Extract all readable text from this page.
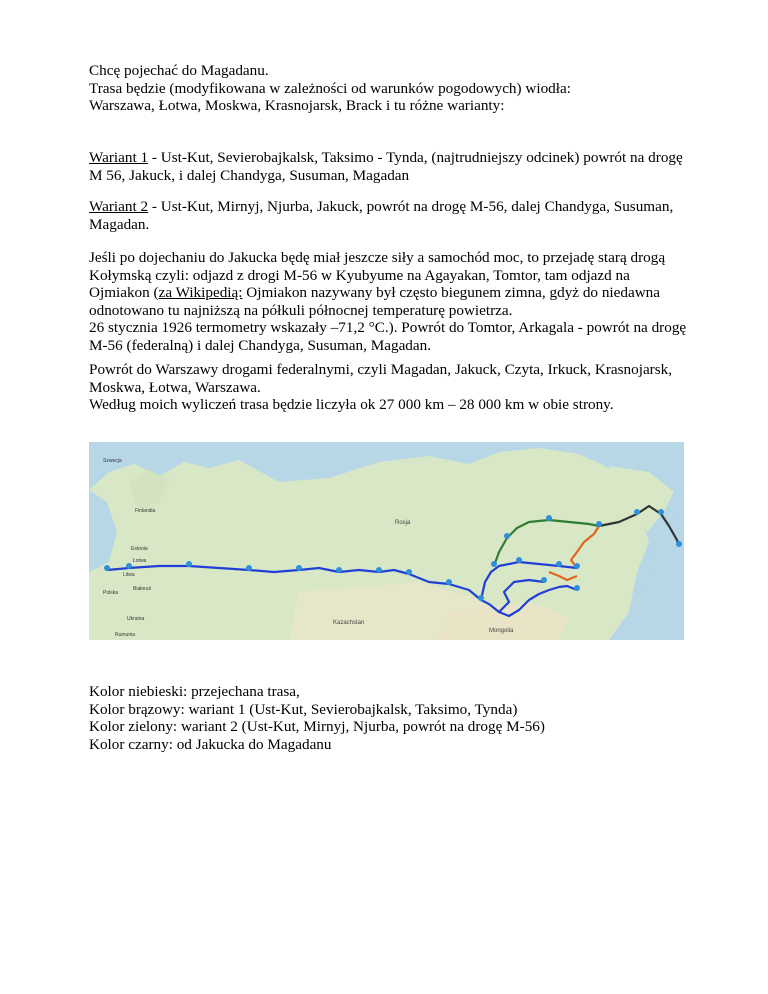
Chcę pojechać do Magadanu.

Trasa będzie (modyfikowana w zależności od warunków pogodowych) wiodła:

Warszawa, Łotwa, Moskwa, Krasnojarsk, Brack i tu różne warianty:

Wariant 1 - Ust-Kut, Sevierobajkalsk, Taksimo - Tynda, (najtrudniejszy odcinek) powrót na drogę M 56, Jakuck, i dalej Chandyga, Susuman, Magadan

Wariant 2 - Ust-Kut, Mirnyj, Njurba, Jakuck, powrót na drogę M-56, dalej Chandyga, Susuman, Magadan.

Jeśli po dojechaniu do Jakucka będę miał jeszcze siły a samochód moc, to przejadę starą drogą Kołymską czyli: odjazd z drogi M-56 w Kyubyume na Agayakan, Tomtor, tam odjazd na Ojmiakon (za Wikipedią: Ojmiakon nazywany był często biegunem zimna, gdyż do niedawna odnotowano tu najniższą na półkuli północnej temperaturę powietrza.

26 stycznia 1926 termometry wskazały –71,2 °C.). Powrót do Tomtor, Arkagala - powrót na drogę M-56 (federalną) i dalej Chandyga, Susuman, Magadan.

Powrót do Warszawy drogami federalnymi, czyli Magadan, Jakuck, Czyta, Irkuck, Krasnojarsk, Moskwa, Łotwa, Warszawa.

Według moich wyliczeń trasa będzie liczyła ok 27 000 km – 28 000 km w obie strony.

Szwecja
Finlandia
Estonia
Łotwa
Litwa
Polska
Białoruś
Ukraina
Rumunia
Rosja
Kazachstan
Mongolia

Kolor niebieski: przejechana trasa,

Kolor brązowy: wariant 1 (Ust-Kut, Sevierobajkalsk, Taksimo, Tynda)

Kolor zielony: wariant 2 (Ust-Kut, Mirnyj, Njurba, powrót na drogę M-56)

Kolor czarny: od Jakucka do Magadanu
